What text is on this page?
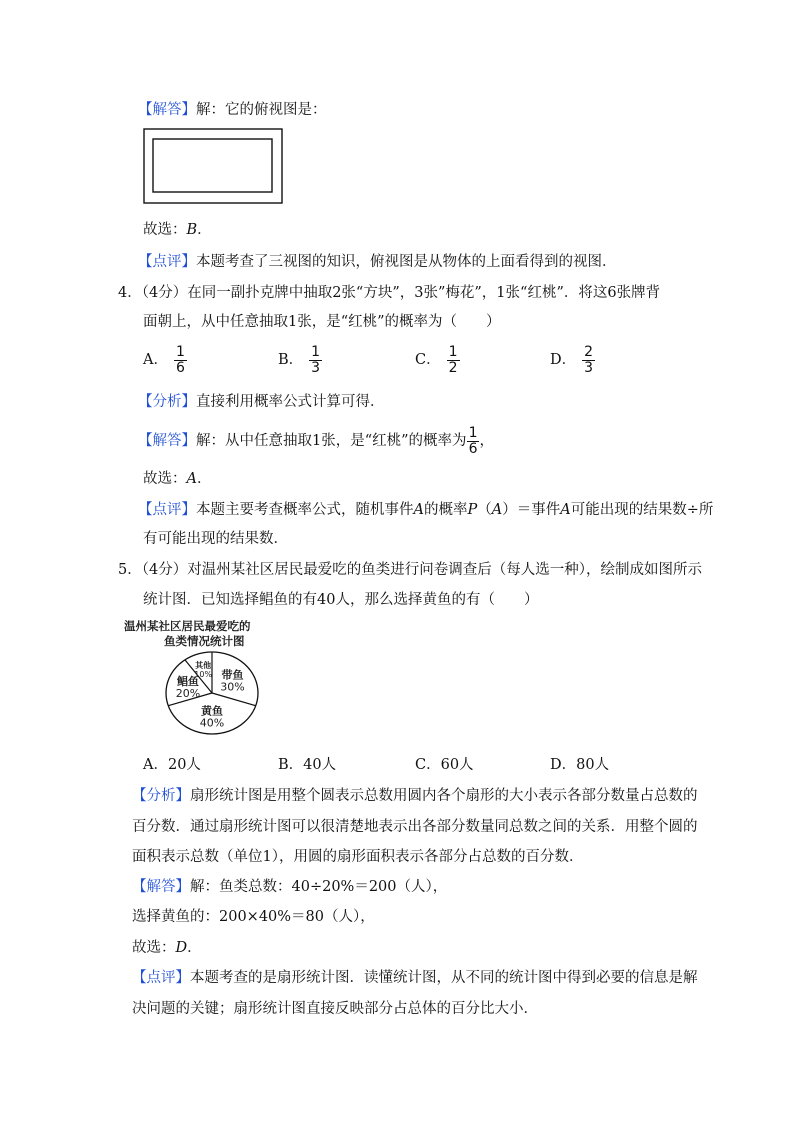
【解答】解：它的俯视图是：
故选：B．
【点评】本题考查了三视图的知识，俯视图是从物体的上面看得到的视图．
4．（4分）在同一副扑克牌中抽取2张“方块”，3张”梅花”，1张“红桃”．将这6张牌背
面朝上，从中任意抽取1张，是“红桃”的概率为（　　）
A． $\frac{1}{6}$	B． $\frac{1}{3}$	C． $\frac{1}{2}$	D． $\frac{2}{3}$
【分析】直接利用概率公式计算可得．
【解答】解：从中任意抽取1张，是“红桃”的概率为 $\frac{1}{6}$ ，
故选：A．
【点评】本题主要考查概率公式，随机事件A的概率P（A）＝事件A可能出现的结果数÷所
有可能出现的结果数．
5．（4分）对温州某社区居民最爱吃的鱼类进行问卷调查后（每人选一种），绘制成如图所示
统计图．已知选择鲳鱼的有40人，那么选择黄鱼的有（　　）
温州某社区居民最爱吃的
鱼类情况统计图
带鱼
30%
黄鱼
40%
鲳鱼
20%
其他
10%
A．20人	B．40人	C．60人	D．80人
【分析】扇形统计图是用整个圆表示总数用圆内各个扇形的大小表示各部分数量占总数的
百分数．通过扇形统计图可以很清楚地表示出各部分数量同总数之间的关系．用整个圆的
面积表示总数（单位1），用圆的扇形面积表示各部分占总数的百分数．
【解答】解：鱼类总数：40÷20%＝200（人），
选择黄鱼的：200×40%＝80（人），
故选：D．
【点评】本题考查的是扇形统计图．读懂统计图，从不同的统计图中得到必要的信息是解
决问题的关键；扇形统计图直接反映部分占总体的百分比大小．
